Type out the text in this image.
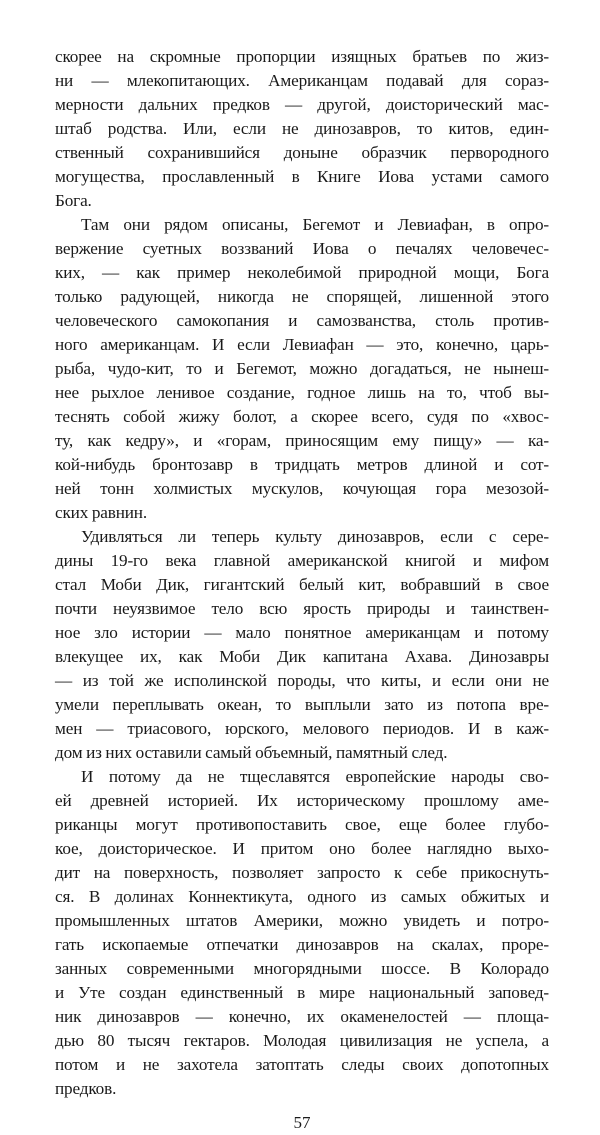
скорее на скромные пропорции изящных братьев по жиз-
ни — млекопитающих. Американцам подавай для сораз-
мерности дальних предков — другой, доисторический мас-
штаб родства. Или, если не динозавров, то китов, един-
ственный сохранившийся доныне образчик первородного
могущества, прославленный в Книге Иова устами самого
Бога.
Там они рядом описаны, Бегемот и Левиафан, в опро-
вержение суетных воззваний Иова о печалях человечес-
ких, — как пример неколебимой природной мощи, Бога
только радующей, никогда не спорящей, лишенной этого
человеческого самокопания и самозванства, столь против-
ного американцам. И если Левиафан — это, конечно, царь-
рыба, чудо-кит, то и Бегемот, можно догадаться, не нынеш-
нее рыхлое ленивое создание, годное лишь на то, чтоб вы-
теснять собой жижу болот, а скорее всего, судя по «хвос-
ту, как кедру», и «горам, приносящим ему пищу» — ка-
кой-нибудь бронтозавр в тридцать метров длиной и сот-
ней тонн холмистых мускулов, кочующая гора мезозой-
ских равнин.
Удивляться ли теперь культу динозавров, если с сере-
дины 19-го века главной американской книгой и мифом
стал Моби Дик, гигантский белый кит, вобравший в свое
почти неуязвимое тело всю ярость природы и таинствен-
ное зло истории — мало понятное американцам и потому
влекущее их, как Моби Дик капитана Ахава. Динозавры
— из той же исполинской породы, что киты, и если они не
умели переплывать океан, то выплыли зато из потопа вре-
мен — триасового, юрского, мелового периодов. И в каж-
дом из них оставили самый объемный, памятный след.
И потому да не тщеславятся европейские народы сво-
ей древней историей. Их историческому прошлому аме-
риканцы могут противопоставить свое, еще более глубо-
кое, доисторическое. И притом оно более наглядно выхо-
дит на поверхность, позволяет запросто к себе прикоснуть-
ся. В долинах Коннектикута, одного из самых обжитых и
промышленных штатов Америки, можно увидеть и потро-
гать ископаемые отпечатки динозавров на скалах, проре-
занных современными многорядными шоссе. В Колорадо
и Уте создан единственный в мире национальный заповед-
ник динозавров — конечно, их окаменелостей — площа-
дью 80 тысяч гектаров. Молодая цивилизация не успела, а
потом и не захотела затоптать следы своих допотопных
предков.
57
